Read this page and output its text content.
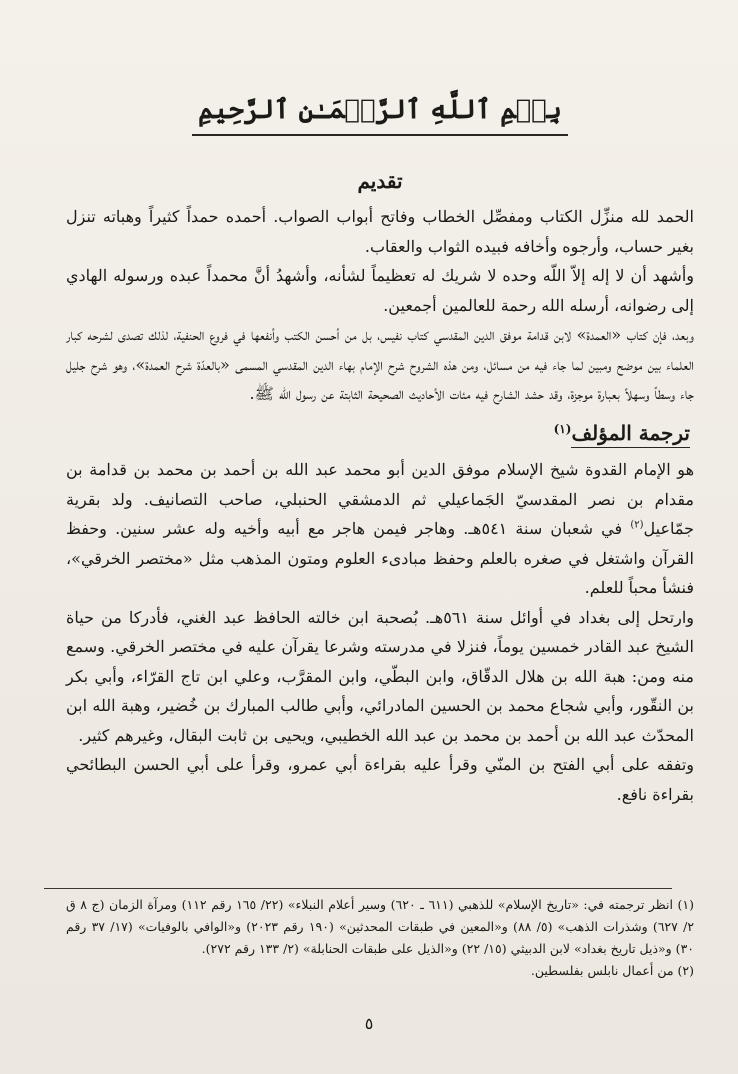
بِسۡمِ ٱللَّهِ ٱلرَّحۡمَـٰنِ ٱلرَّحِيمِ
تقديم

الحمد لله منزِّل الكتاب ومفصِّل الخطاب وفاتح أبواب الصواب. أحمده حمداً كثيراً وهباته تنزل بغير حساب، وأرجوه وأخافه فبيده الثواب والعقاب.

وأشهد أن لا إله إلاّ اللّه وحده لا شريك له تعظيماً لشأنه، وأشهدُ أنَّ محمداً عبده ورسوله الهادي إلى رضوانه، أرسله الله رحمة للعالمين أجمعين.

وبعد، فإن كتاب «العمدة» لابن قدامة موفق الدين المقدسي كتاب نفيس، بل من أحسن الكتب وأنفعها في فروع الحنفية، لذلك تصدى لشرحه كبار العلماء بين موضح ومبين لما جاء فيه من مسائل، ومن هذه الشروح شرح الإمام بهاء الدين المقدسي المسمى «بالعدّة شرح العمدة»، وهو شرح جليل جاء وسطاً وسهلاً بعبارة موجزة، وقد حشد الشارح فيه مئات الأحاديث الصحيحة الثابتة عن رسول الله ﷺ.

ترجمة المؤلف$^{(١)}$

هو الإمام القدوة شيخ الإسلام موفق الدين أبو محمد عبد الله بن أحمد بن محمد بن قدامة بن مقدام بن نصر المقدسيّ الجَماعيلي ثم الدمشقي الحنبلي، صاحب التصانيف. ولد بقرية جمّاعيل$^{(٢)}$ في شعبان سنة ٥٤١هـ. وهاجر فيمن هاجر مع أبيه وأخيه وله عشر سنين. وحفظ القرآن واشتغل في صغره بالعلم وحفظ مبادىء العلوم ومتون المذهب مثل «مختصر الخرقي»، فنشأ محباً للعلم.

وارتحل إلى بغداد في أوائل سنة ٥٦١هـ. بُصحبة ابن خالته الحافظ عبد الغني، فأدركا من حياة الشيخ عبد القادر خمسين يوماً، فنزلا في مدرسته وشرعا يقرآن عليه في مختصر الخرقي. وسمع منه ومن: هبة الله بن هلال الدقّاق، وابن البطّي، وابن المقرَّب، وعلي ابن تاج القرّاء، وأبي بكر بن النقّور، وأبي شجاع محمد بن الحسين المادرائي، وأبي طالب المبارك بن خُضير، وهبة الله ابن المحدّث عبد الله بن أحمد بن محمد بن عبد الله الخطيبي، ويحيى بن ثابت البقال، وغيرهم كثير.

وتفقه على أبي الفتح بن المنّي وقرأ عليه بقراءة أبي عمرو، وقرأ على أبي الحسن البطائحي بقراءة نافع.

(١) انظر ترجمته في: «تاريخ الإسلام» للذهبي (٦١١ ـ ٦٢٠) وسير أعلام النبلاء» (٢٢/ ١٦٥ رقم ١١٢) ومرآة الزمان (ج ٨ ق ٢/ ٦٢٧) وشذرات الذهب» (٥/ ٨٨) و«المعين في طبقات المحدثين» (١٩٠ رقم ٢٠٢٣) و«الوافي بالوفيات» (١٧/ ٣٧ رقم ٣٠) و«ذيل تاريخ بغداد» لابن الدبيثي (١٥/ ٢٢) و«الذيل على طبقات الحنابلة» (٢/ ١٣٣ رقم ٢٧٢).

(٢) من أعمال نابلس بفلسطين.

٥
